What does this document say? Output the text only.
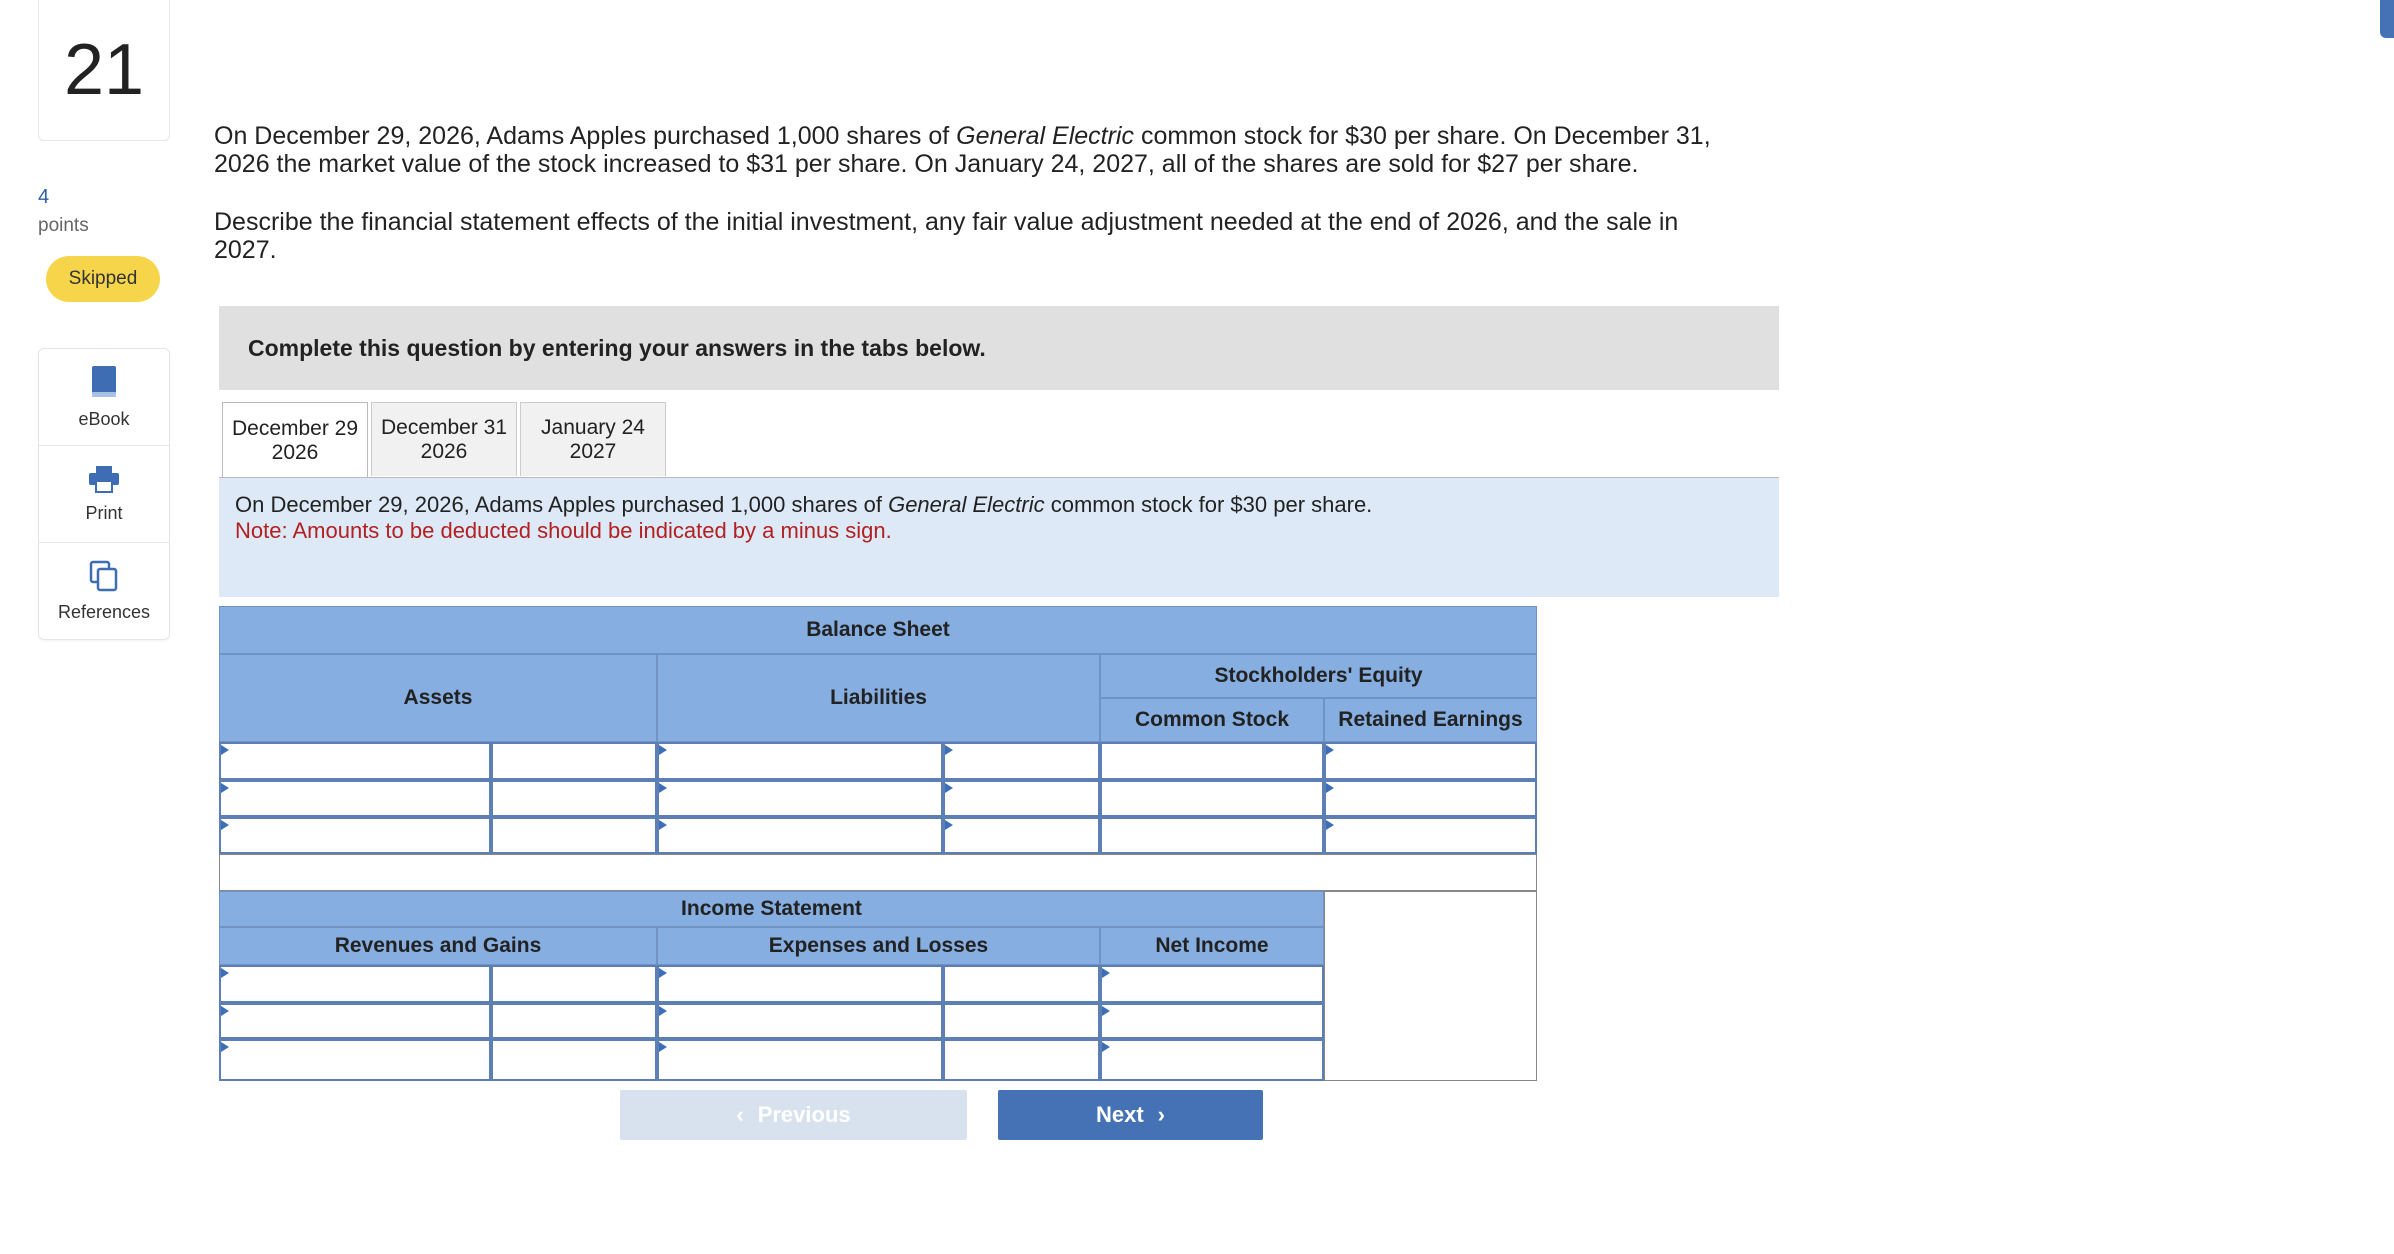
21
4
points
Skipped
eBook
Print
References

On December 29, 2026, Adams Apples purchased 1,000 shares of General Electric common stock for $30 per share. On December 31, 2026 the market value of the stock increased to $31 per share. On January 24, 2027, all of the shares are sold for $27 per share.

Describe the financial statement effects of the initial investment, any fair value adjustment needed at the end of 2026, and the sale in 2027.

Complete this question by entering your answers in the tabs below.
December 29
2026
December 31
2026
January 24
2027
On December 29, 2026, Adams Apples purchased 1,000 shares of General Electric common stock for $30 per share.
Note: Amounts to be deducted should be indicated by a minus sign.
Balance Sheet
Assets	Liabilities
Stockholders' Equity
Common Stock	Retained Earnings
Income Statement
Revenues and Gains	Expenses and Losses	Net Income
‹ Previous	Next ›
